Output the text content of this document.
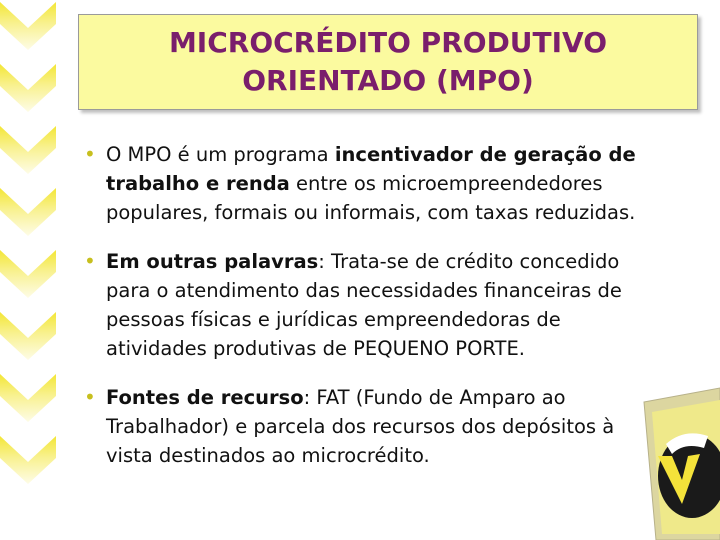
MICROCRÉDITO PRODUTIVO
ORIENTADO (MPO)
• O MPO é um programa incentivador de geração de trabalho e renda entre os microempreendedores populares, formais ou informais, com taxas reduzidas.
• Em outras palavras: Trata-se de crédito concedido para o atendimento das necessidades financeiras de pessoas físicas e jurídicas empreendedoras de atividades produtivas de PEQUENO PORTE.
• Fontes de recurso: FAT (Fundo de Amparo ao Trabalhador) e parcela dos recursos dos depósitos à vista destinados ao microcrédito.
